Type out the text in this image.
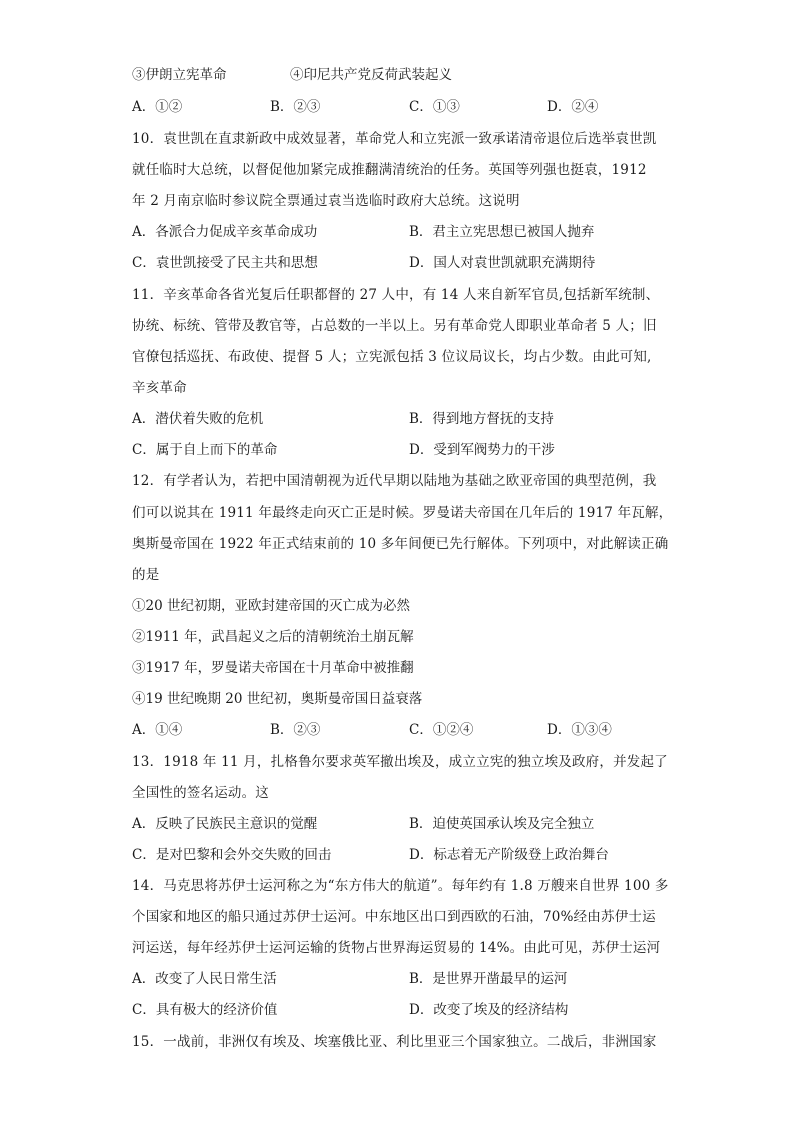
③伊朗立宪革命	④印尼共产党反荷武装起义
A．①②	B．②③	C．①③	D．②④
10．袁世凯在直隶新政中成效显著，革命党人和立宪派一致承诺清帝退位后选举袁世凯
就任临时大总统，以督促他加紧完成推翻满清统治的任务。英国等列强也挺袁，1912
年 2 月南京临时参议院全票通过袁当选临时政府大总统。这说明
A．各派合力促成辛亥革命成功	B．君主立宪思想已被国人抛弃
C．袁世凯接受了民主共和思想	D．国人对袁世凯就职充满期待
11．辛亥革命各省光复后任职都督的 27 人中，有 14 人来自新军官员,包括新军统制、
协统、标统、管带及教官等，占总数的一半以上。另有革命党人即职业革命者 5 人；旧
官僚包括巡抚、布政使、提督 5 人；立宪派包括 3 位议局议长，均占少数。由此可知,
辛亥革命
A．潜伏着失败的危机	B．得到地方督抚的支持
C．属于自上而下的革命	D．受到军阀势力的干涉
12．有学者认为，若把中国清朝视为近代早期以陆地为基础之欧亚帝国的典型范例，我
们可以说其在 1911 年最终走向灭亡正是时候。罗曼诺夫帝国在几年后的 1917 年瓦解，
奥斯曼帝国在 1922 年正式结束前的 10 多年间便已先行解体。下列项中，对此解读正确
的是
①20 世纪初期，亚欧封建帝国的灭亡成为必然
②1911 年，武昌起义之后的清朝统治土崩瓦解
③1917 年，罗曼诺夫帝国在十月革命中被推翻
④19 世纪晚期 20 世纪初，奥斯曼帝国日益衰落
A．①④	B．②③	C．①②④	D．①③④
13．1918 年 11 月，扎格鲁尔要求英军撤出埃及，成立立宪的独立埃及政府，并发起了
全国性的签名运动。这
A．反映了民族民主意识的觉醒	B．迫使英国承认埃及完全独立
C．是对巴黎和会外交失败的回击	D．标志着无产阶级登上政治舞台
14．马克思将苏伊士运河称之为“东方伟大的航道”。每年约有 1.8 万艘来自世界 100 多
个国家和地区的船只通过苏伊士运河。中东地区出口到西欧的石油，70%经由苏伊士运
河运送，每年经苏伊士运河运输的货物占世界海运贸易的 14%。由此可见，苏伊士运河
A．改变了人民日常生活	B．是世界开凿最早的运河
C．具有极大的经济价值	D．改变了埃及的经济结构
15．一战前，非洲仅有埃及、埃塞俄比亚、利比里亚三个国家独立。二战后，非洲国家
